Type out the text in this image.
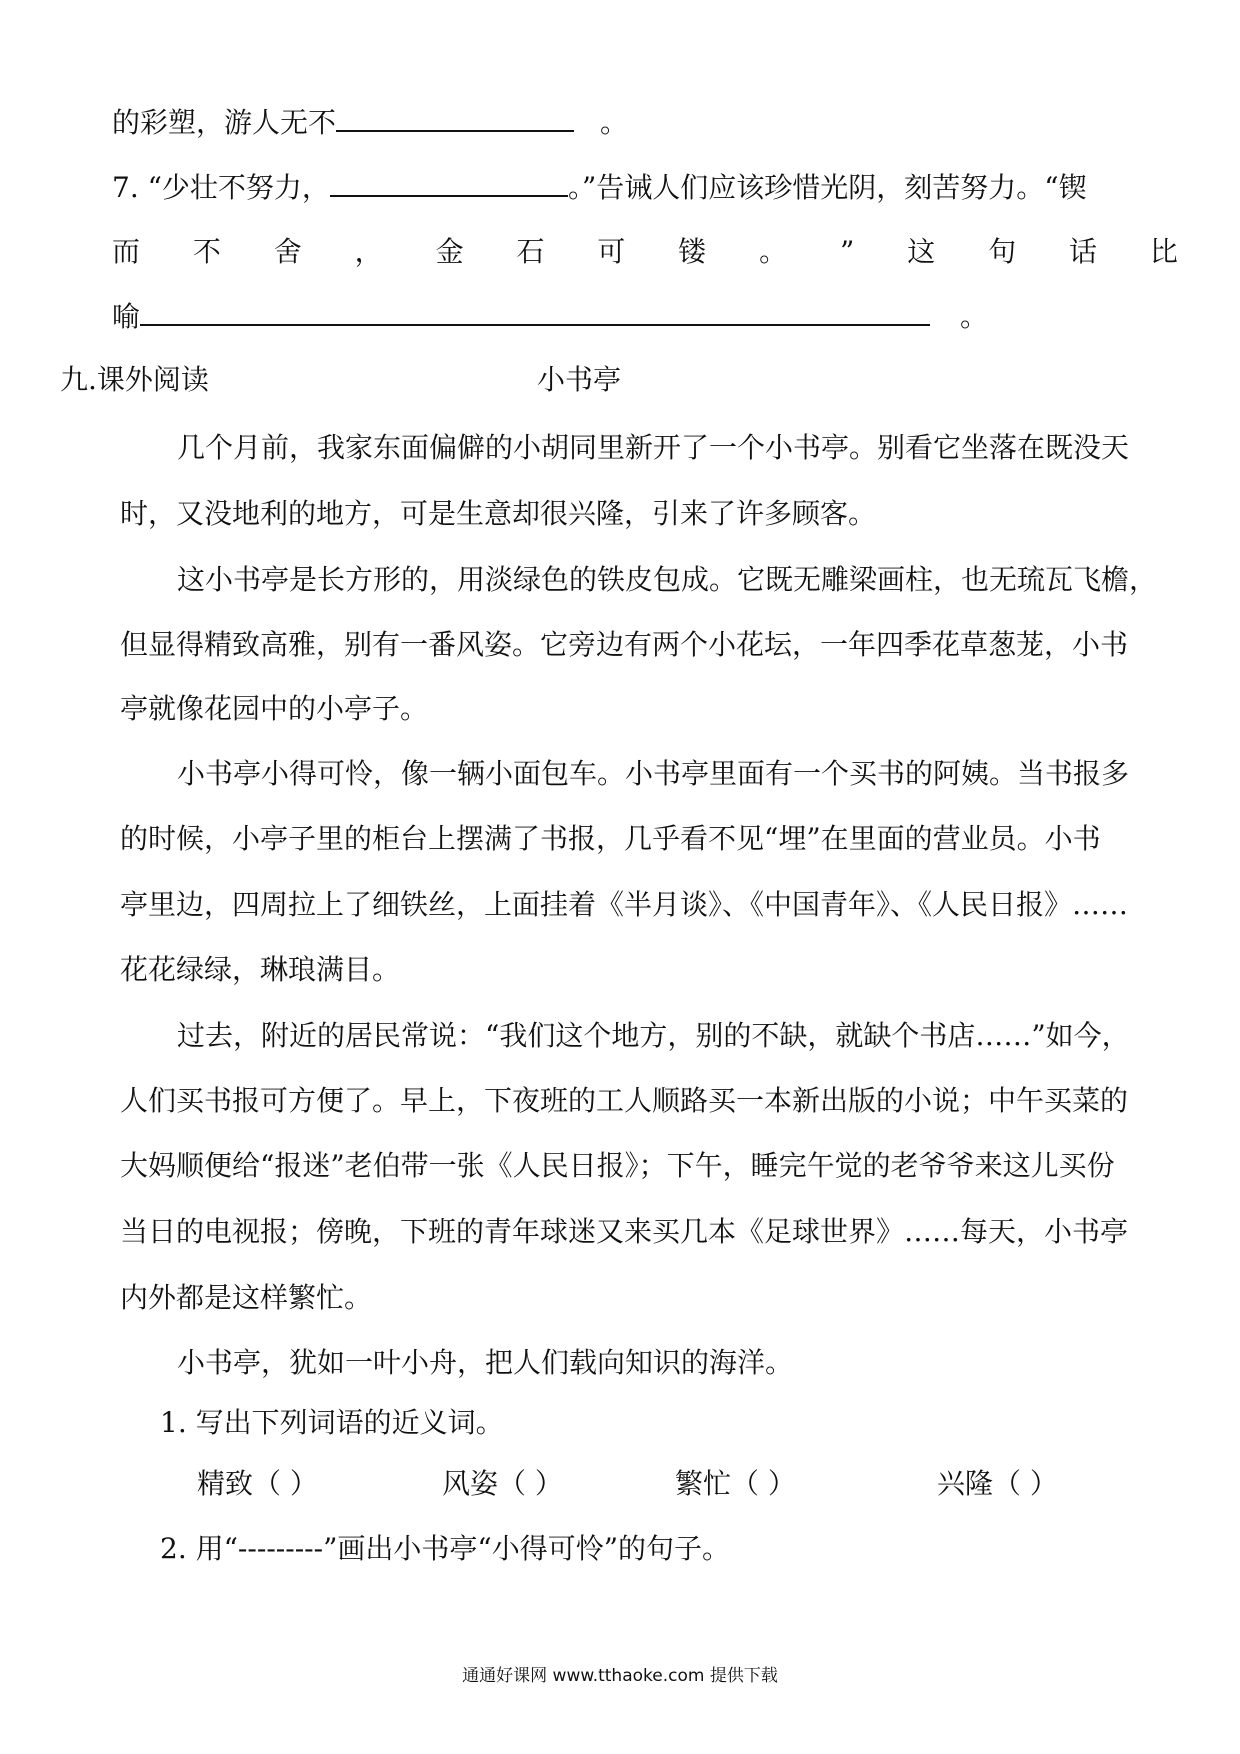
的彩塑，游人无不	。
7. “少壮不努力，	。”告诫人们应该珍惜光阴，刻苦努力。“锲
而 不 舍 ， 金 石 可 镂 。 ” 这 句 话 比
喻	。
九.课外阅读	小书亭
几个月前，我家东面偏僻的小胡同里新开了一个小书亭。别看它坐落在既没天
时，又没地利的地方，可是生意却很兴隆，引来了许多顾客。
这小书亭是长方形的，用淡绿色的铁皮包成。它既无雕梁画柱，也无琉瓦飞檐，
但显得精致高雅，别有一番风姿。它旁边有两个小花坛，一年四季花草葱茏，小书
亭就像花园中的小亭子。
小书亭小得可怜，像一辆小面包车。小书亭里面有一个买书的阿姨。当书报多
的时候，小亭子里的柜台上摆满了书报，几乎看不见“埋”在里面的营业员。小书
亭里边，四周拉上了细铁丝，上面挂着《半月谈》、《中国青年》、《人民日报》……
花花绿绿，琳琅满目。
过去，附近的居民常说：“我们这个地方，别的不缺，就缺个书店……”如今，
人们买书报可方便了。早上，下夜班的工人顺路买一本新出版的小说；中午买菜的
大妈顺便给“报迷”老伯带一张《人民日报》；下午，睡完午觉的老爷爷来这儿买份
当日的电视报；傍晚，下班的青年球迷又来买几本《足球世界》……每天，小书亭
内外都是这样繁忙。
小书亭，犹如一叶小舟，把人们载向知识的海洋。
1. 写出下列词语的近义词。
精致（ ）	风姿（ ）	繁忙（ ）	兴隆（ ）
2. 用“---------”画出小书亭“小得可怜”的句子。
通通好课网 www.tthaoke.com 提供下载
